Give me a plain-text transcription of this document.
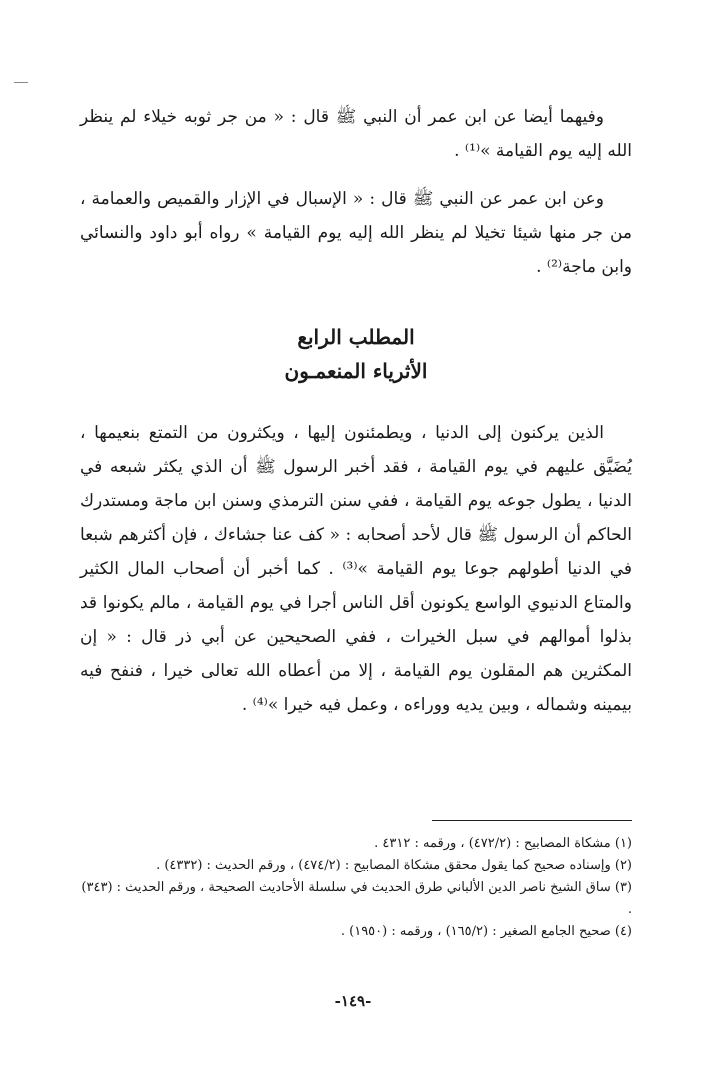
وفيهما أيضا عن ابن عمر أن النبي ﷺ قال : « من جر ثوبه خيلاء لم ينظر الله إليه يوم القيامة »⁽¹⁾ .

وعن ابن عمر عن النبي ﷺ قال : « الإسبال في الإزار والقميص والعمامة ، من جر منها شيئا تخيلا لم ينظر الله إليه يوم القيامة » رواه أبو داود والنسائي وابن ماجة⁽²⁾ .

المطلب الرابع
الأثرياء المنعمـون

الذين يركنون إلى الدنيا ، ويطمئنون إليها ، ويكثرون من التمتع بنعيمها ، يُضَيَّق عليهم في يوم القيامة ، فقد أخبر الرسول ﷺ أن الذي يكثر شبعه في الدنيا ، يطول جوعه يوم القيامة ، ففي سنن الترمذي وسنن ابن ماجة ومستدرك الحاكم أن الرسول ﷺ قال لأحد أصحابه : « كف عنا جشاءك ، فإن أكثرهم شبعا في الدنيا أطولهم جوعا يوم القيامة »⁽³⁾ . كما أخبر أن أصحاب المال الكثير والمتاع الدنيوي الواسع يكونون أقل الناس أجرا في يوم القيامة ، مالم يكونوا قد بذلوا أموالهم في سبل الخيرات ، ففي الصحيحين عن أبي ذر قال : « إن المكثرين هم المقلون يوم القيامة ، إلا من أعطاه الله تعالى خيرا ، فنفح فيه بيمينه وشماله ، وبين يديه ووراءه ، وعمل فيه خيرا »⁽⁴⁾ .

(١) مشكاة المصابيح : (٤٧٢/٢) ، ورقمه : ٤٣١٢ .

(٢) وإسناده صحيح كما يقول محقق مشكاة المصابيح : (٤٧٤/٢) ، ورقم الحديث : (٤٣٣٢) .

(٣) ساق الشيخ ناصر الدين الألباني طرق الحديث في سلسلة الأحاديث الصحيحة ، ورقم الحديث : (٣٤٣) .

(٤) صحيح الجامع الصغير : (١٦٥/٢) ، ورقمه : (١٩٥٠) .

-١٤٩-
